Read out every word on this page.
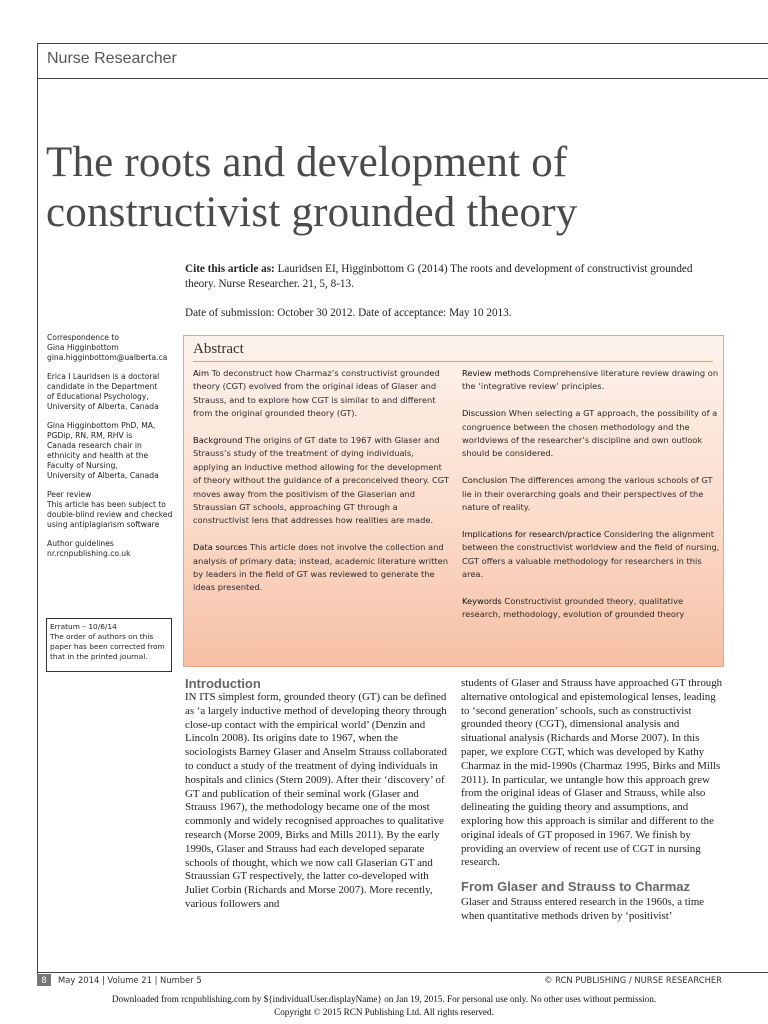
Nurse Researcher
The roots and development of
constructivist grounded theory
Cite this article as: Lauridsen EI, Higginbottom G (2014) The roots and development of constructivist grounded theory. Nurse Researcher. 21, 5, 8-13.
Date of submission: October 30 2012. Date of acceptance: May 10 2013.
Correspondence to
Gina Higginbottom
gina.higginbottom@ualberta.ca
Erica I Lauridsen is a doctoral
candidate in the Department
of Educational Psychology,
University of Alberta, Canada
Gina Higginbottom PhD, MA,
PGDip, RN, RM, RHV is
Canada research chair in
ethnicity and health at the
Faculty of Nursing,
University of Alberta, Canada
Peer review
This article has been subject to
double-blind review and checked
using antiplagiarism software
Author guidelines
nr.rcnpublishing.co.uk
Erratum – 10/6/14
The order of authors on this
paper has been corrected from
that in the printed journal.
Abstract

Aim To deconstruct how Charmaz’s constructivist grounded theory (CGT) evolved from the original ideas of Glaser and Strauss, and to explore how CGT is similar to and different from the original grounded theory (GT).

Background The origins of GT date to 1967 with Glaser and Strauss’s study of the treatment of dying individuals, applying an inductive method allowing for the development of theory without the guidance of a preconceived theory. CGT moves away from the positivism of the Glaserian and Straussian GT schools, approaching GT through a constructivist lens that addresses how realities are made.

Data sources This article does not involve the collection and analysis of primary data; instead, academic literature written by leaders in the field of GT was reviewed to generate the ideas presented.

Review methods Comprehensive literature review drawing on the ‘integrative review’ principles.

Discussion When selecting a GT approach, the possibility of a congruence between the chosen methodology and the worldviews of the researcher’s discipline and own outlook should be considered.

Conclusion The differences among the various schools of GT lie in their overarching goals and their perspectives of the nature of reality.

Implications for research/practice Considering the alignment between the constructivist worldview and the field of nursing, CGT offers a valuable methodology for researchers in this area.

Keywords Constructivist grounded theory, qualitative research, methodology, evolution of grounded theory

Introduction

IN ITS simplest form, grounded theory (GT) can be defined as ‘a largely inductive method of developing theory through close-up contact with the empirical world’ (Denzin and Lincoln 2008). Its origins date to 1967, when the sociologists Barney Glaser and Anselm Strauss collaborated to conduct a study of the treatment of dying individuals in hospitals and clinics (Stern 2009). After their ‘discovery’ of GT and publication of their seminal work (Glaser and Strauss 1967), the methodology became one of the most commonly and widely recognised approaches to qualitative research (Morse 2009, Birks and Mills 2011). By the early 1990s, Glaser and Strauss had each developed separate schools of thought, which we now call Glaserian GT and Straussian GT respectively, the latter co-developed with Juliet Corbin (Richards and Morse 2007). More recently, various followers and

students of Glaser and Strauss have approached GT through alternative ontological and epistemological lenses, leading to ‘second generation’ schools, such as constructivist grounded theory (CGT), dimensional analysis and situational analysis (Richards and Morse 2007). In this paper, we explore CGT, which was developed by Kathy Charmaz in the mid-1990s (Charmaz 1995, Birks and Mills 2011). In particular, we untangle how this approach grew from the original ideas of Glaser and Strauss, while also delineating the guiding theory and assumptions, and exploring how this approach is similar and different to the original ideals of GT proposed in 1967. We finish by providing an overview of recent use of CGT in nursing research.

From Glaser and Strauss to Charmaz

Glaser and Strauss entered research in the 1960s, a time when quantitative methods driven by ‘positivist’

8	May 2014 | Volume 21 | Number 5	© RCN PUBLISHING / NURSE RESEARCHER
Downloaded from rcnpublishing.com by ${individualUser.displayName} on Jan 19, 2015. For personal use only. No other uses without permission.
Copyright © 2015 RCN Publishing Ltd. All rights reserved.
